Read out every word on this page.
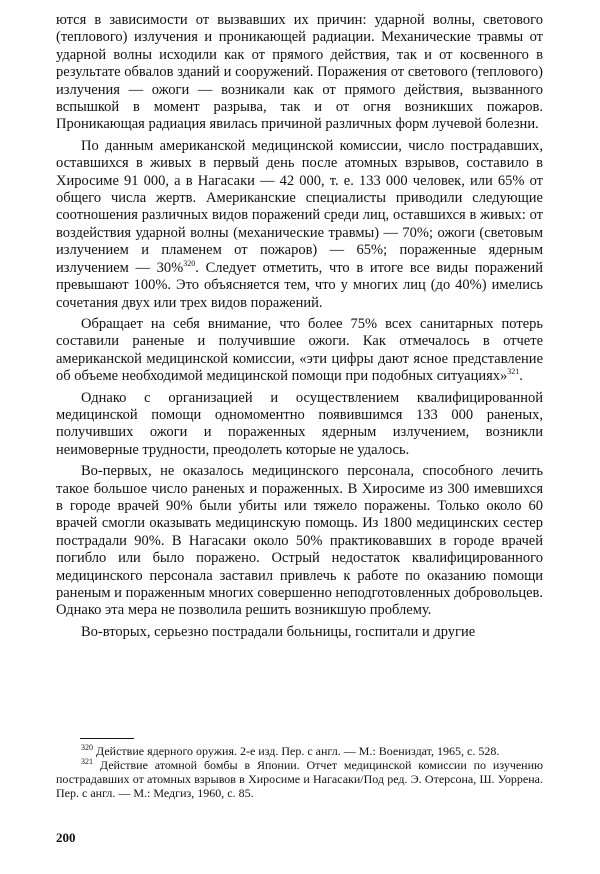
ются в зависимости от вызвавших их причин: ударной волны, светового (теплового) излучения и проникающей радиации. Механические травмы от ударной волны исходили как от прямого действия, так и от косвенного в результате обвалов зданий и сооружений. Поражения от светового (теплового) излучения — ожоги — возникали как от прямого действия, вызванного вспышкой в момент разрыва, так и от огня возникших пожаров. Проникающая радиация явилась причиной различных форм лучевой болезни.

По данным американской медицинской комиссии, число пострадавших, оставшихся в живых в первый день после атомных взрывов, составило в Хиросиме 91 000, а в Нагасаки — 42 000, т. е. 133 000 человек, или 65% от общего числа жертв. Американские специалисты приводили следующие соотношения различных видов поражений среди лиц, оставшихся в живых: от воздействия ударной волны (механические травмы) — 70%; ожоги (световым излучением и пламенем от пожаров) — 65%; пораженные ядерным излучением — 30%$^{320}$. Следует отметить, что в итоге все виды поражений превышают 100%. Это объясняется тем, что у многих лиц (до 40%) имелись сочетания двух или трех видов поражений.

Обращает на себя внимание, что более 75% всех санитарных потерь составили раненые и получившие ожоги. Как отмечалось в отчете американской медицинской комиссии, «эти цифры дают ясное представление об объеме необходимой медицинской помощи при подобных ситуациях»$^{321}$.

Однако с организацией и осуществлением квалифицированной медицинской помощи одномоментно появившимся 133 000 раненых, получивших ожоги и пораженных ядерным излучением, возникли неимоверные трудности, преодолеть которые не удалось.

Во-первых, не оказалось медицинского персонала, способного лечить такое большое число раненых и пораженных. В Хиросиме из 300 имевшихся в городе врачей 90% были убиты или тяжело поражены. Только около 60 врачей смогли оказывать медицинскую помощь. Из 1800 медицинских сестер пострадали 90%. В Нагасаки около 50% практиковавших в городе врачей погибло или было поражено. Острый недостаток квалифицированного медицинского персонала заставил привлечь к работе по оказанию помощи раненым и пораженным многих совершенно неподготовленных добровольцев. Однако эта мера не позволила решить возникшую проблему.

Во-вторых, серьезно пострадали больницы, госпитали и другие

$^{320}$ Действие ядерного оружия. 2-е изд. Пер. с англ. — М.: Воениздат, 1965, с. 528.

$^{321}$ Действие атомной бомбы в Японии. Отчет медицинской комиссии по изучению пострадавших от атомных взрывов в Хиросиме и Нагасаки/Под ред. Э. Отерсона, Ш. Уоррена. Пер. с англ. — М.: Медгиз, 1960, с. 85.

200
